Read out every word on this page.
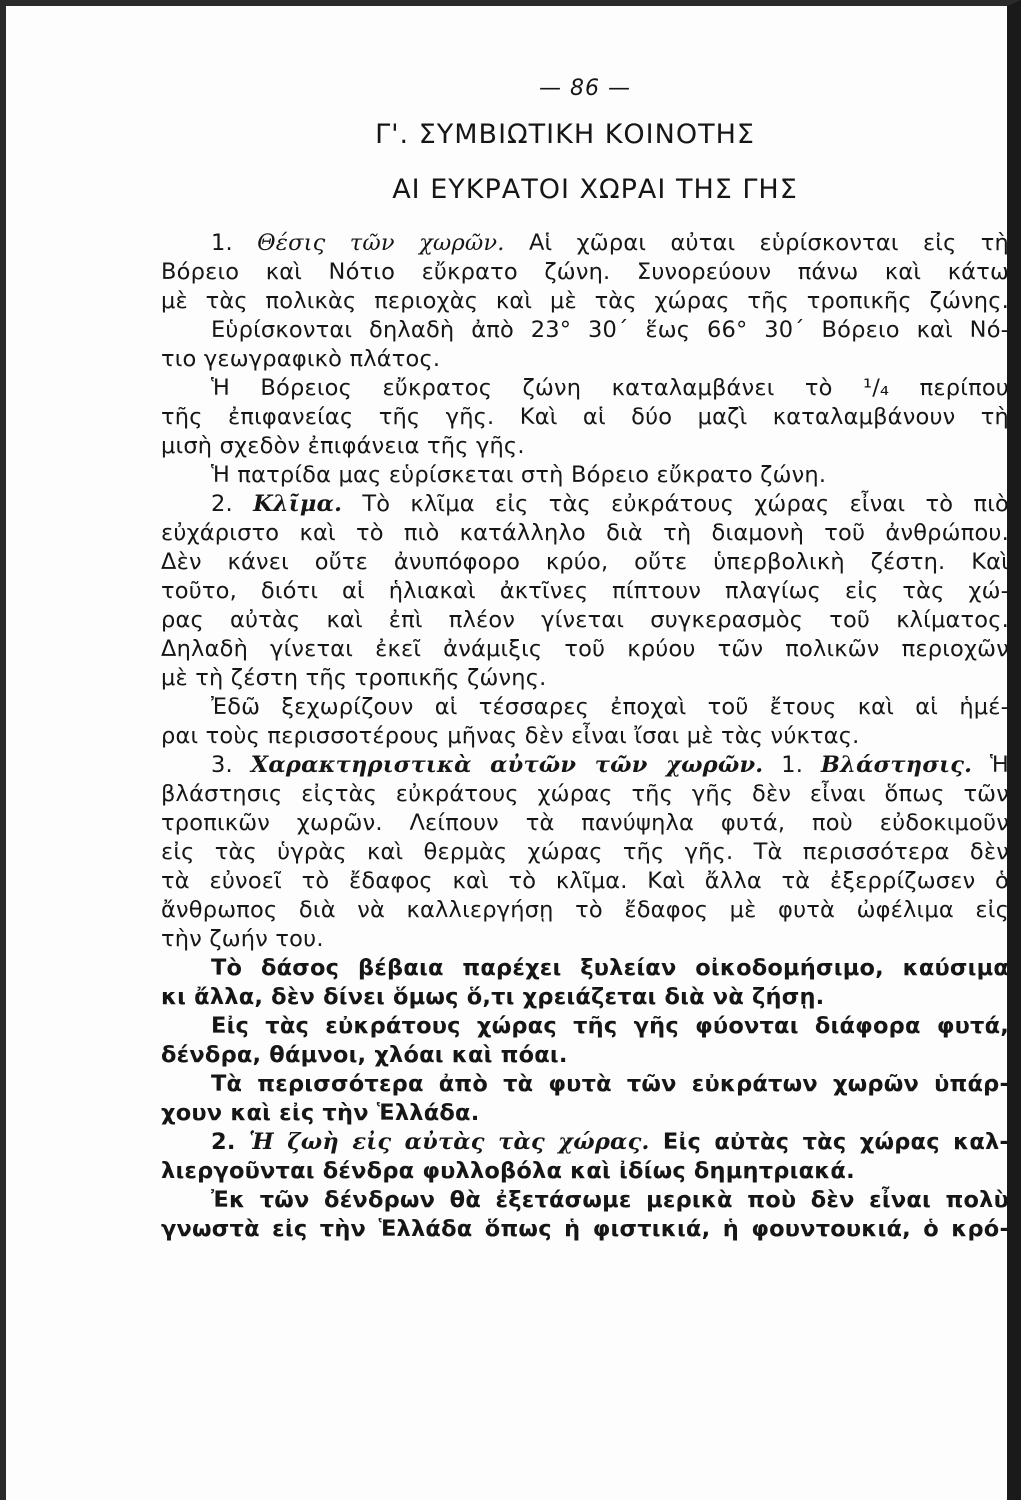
— 86 —
Γ'. ΣΥΜΒΙΩΤΙΚΗ ΚΟΙΝΟΤΗΣ
ΑΙ ΕΥΚΡΑΤΟΙ ΧΩΡΑΙ ΤΗΣ ΓΗΣ
1. Θέσις τῶν χωρῶν. Αἱ χῶραι αὐται εὑρίσκονται εἰς τὴ
Βόρειο καὶ Νότιο εὔκρατο ζώνη. Συνορεύουν πάνω καὶ κάτω
μὲ τὰς πολικὰς περιοχὰς καὶ μὲ τὰς χώρας τῆς τροπικῆς ζώνης.
Εὑρίσκονται δηλαδὴ ἀπὸ 23° 30΄ ἕως 66° 30΄ Βόρειο καὶ Νό-
τιο γεωγραφικὸ πλάτος.
Ἡ Βόρειος εὔκρατος ζώνη καταλαμβάνει τὸ ¹/₄ περίπου
τῆς ἐπιφανείας τῆς γῆς. Καὶ αἱ δύο μαζὶ καταλαμβάνουν τὴ
μισὴ σχεδὸν ἐπιφάνεια τῆς γῆς.
Ἡ πατρίδα μας εὑρίσκεται στὴ Βόρειο εὔκρατο ζώνη.
2. Κλῖμα. Τὸ κλῖμα εἰς τὰς εὐκράτους χώρας εἶναι τὸ πιὸ
εὐχάριστο καὶ τὸ πιὸ κατάλληλο διὰ τὴ διαμονὴ τοῦ ἀνθρώπου.
Δὲν κάνει οὔτε ἀνυπόφορο κρύο, οὔτε ὑπερβολικὴ ζέστη. Καὶ
τοῦτο, διότι αἱ ἡλιακαὶ ἀκτῖνες πίπτουν πλαγίως εἰς τὰς χώ-
ρας αὐτὰς καὶ ἐπὶ πλέον γίνεται συγκερασμὸς τοῦ κλίματος.
Δηλαδὴ γίνεται ἐκεῖ ἀνάμιξις τοῦ κρύου τῶν πολικῶν περιοχῶν
μὲ τὴ ζέστη τῆς τροπικῆς ζώνης.
Ἐδῶ ξεχωρίζουν αἱ τέσσαρες ἐποχαὶ τοῦ ἔτους καὶ αἱ ἡμέ-
ραι τοὺς περισσοτέρους μῆνας δὲν εἶναι ἴσαι μὲ τὰς νύκτας.
3. Χαρακτηριστικὰ αὐτῶν τῶν χωρῶν. 1. Βλάστησις. Ἡ
βλάστησις εἰςτὰς εὐκράτους χώρας τῆς γῆς δὲν εἶναι ὅπως τῶν
τροπικῶν χωρῶν. Λείπουν τὰ πανύψηλα φυτά, ποὺ εὐδοκιμοῦν
εἰς τὰς ὑγρὰς καὶ θερμὰς χώρας τῆς γῆς. Τὰ περισσότερα δὲν
τὰ εὐνοεῖ τὸ ἔδαφος καὶ τὸ κλῖμα. Καὶ ἄλλα τὰ ἐξερρίζωσεν ὁ
ἄνθρωπος διὰ νὰ καλλιεργήσῃ τὸ ἔδαφος μὲ φυτὰ ὠφέλιμα εἰς
τὴν ζωήν του.
Τὸ δάσος βέβαια παρέχει ξυλείαν οἰκοδομήσιμο, καύσιμα
κι ἄλλα, δὲν δίνει ὅμως ὅ,τι χρειάζεται διὰ νὰ ζήσῃ.
Εἰς τὰς εὐκράτους χώρας τῆς γῆς φύονται διάφορα φυτά,
δένδρα, θάμνοι, χλόαι καὶ πόαι.
Τὰ περισσότερα ἀπὸ τὰ φυτὰ τῶν εὐκράτων χωρῶν ὑπάρ-
χουν καὶ εἰς τὴν Ἑλλάδα.
2. Ἡ ζωὴ εἰς αὐτὰς τὰς χώρας. Εἰς αὐτὰς τὰς χώρας καλ-
λιεργοῦνται δένδρα φυλλοβόλα καὶ ἰδίως δημητριακά.
Ἐκ τῶν δένδρων θὰ ἐξετάσωμε μερικὰ ποὺ δὲν εἶναι πολὺ
γνωστὰ εἰς τὴν Ἑλλάδα ὅπως ἡ φιστικιά, ἡ φουντουκιά, ὁ κρό-
